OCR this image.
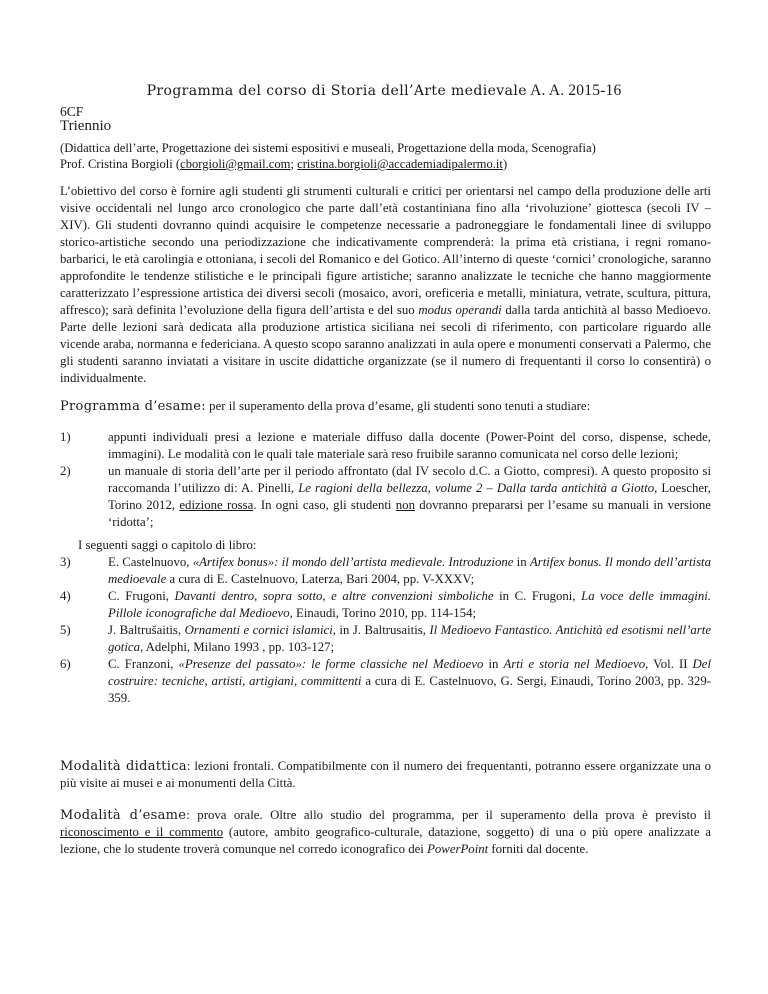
Programma del corso di Storia dell’Arte medievale A. A. 2015-16
6CF
Triennio
(Didattica dell’arte, Progettazione dei sistemi espositivi e museali, Progettazione della moda, Scenografia)
Prof. Cristina Borgioli (cborgioli@gmail.com; cristina.borgioli@accademiadipalermo.it)

L’obiettivo del corso è fornire agli studenti gli strumenti culturali e critici per orientarsi nel campo della produzione delle arti visive occidentali nel lungo arco cronologico che parte dall’età costantiniana fino alla ‘rivoluzione’ giottesca (secoli IV – XIV). Gli studenti dovranno quindi acquisire le competenze necessarie a padroneggiare le fondamentali linee di sviluppo storico-artistiche secondo una periodizzazione che indicativamente comprenderà: la prima età cristiana, i regni romano-barbarici, le età carolingia e ottoniana, i secoli del Romanico e del Gotico. All’interno di queste ‘cornici’ cronologiche, saranno approfondite le tendenze stilistiche e le principali figure artistiche; saranno analizzate le tecniche che hanno maggiormente caratterizzato l’espressione artistica dei diversi secoli (mosaico, avori, oreficeria e metalli, miniatura, vetrate, scultura, pittura, affresco); sarà definita l’evoluzione della figura dell’artista e del suo modus operandi dalla tarda antichità al basso Medioevo. Parte delle lezioni sarà dedicata alla produzione artistica siciliana nei secoli di riferimento, con particolare riguardo alle vicende araba, normanna e federiciana. A questo scopo saranno analizzati in aula opere e monumenti conservati a Palermo, che gli studenti saranno inviatati a visitare in uscite didattiche organizzate (se il numero di frequentanti il corso lo consentirà) o individualmente.

Programma d’esame: per il superamento della prova d’esame, gli studenti sono tenuti a studiare:
1)	appunti individuali presi a lezione e materiale diffuso dalla docente (Power-Point del corso, dispense, schede, immagini). Le modalità con le quali tale materiale sarà reso fruibile saranno comunicata nel corso delle lezioni;
2)	un manuale di storia dell’arte per il periodo affrontato (dal IV secolo d.C. a Giotto, compresi). A questo proposito si raccomanda l’utilizzo di: A. Pinelli, Le ragioni della bellezza, volume 2 – Dalla tarda antichità a Giotto, Loescher, Torino 2012, edizione rossa. In ogni caso, gli studenti non dovranno prepararsi per l’esame su manuali in versione ‘ridotta’;
I seguenti saggi o capitolo di libro:
3)	E. Castelnuovo, «Artifex bonus»: il mondo dell’artista medievale. Introduzione in Artifex bonus. Il mondo dell’artista medioevale a cura di E. Castelnuovo, Laterza, Bari 2004, pp. V-XXXV;
4)	C. Frugoni, Davanti dentro, sopra sotto, e altre convenzioni simboliche in C. Frugoni, La voce delle immagini. Pillole iconografiche dal Medioevo, Einaudi, Torino 2010, pp. 114-154;
5)	J. Baltrušaitis, Ornamenti e cornici islamici, in J. Baltrusaitis, Il Medioevo Fantastico. Antichità ed esotismi nell’arte gotica, Adelphi, Milano 1993 , pp. 103-127;
6)	C. Franzoni, «Presenze del passato»: le forme classiche nel Medioevo in Arti e storia nel Medioevo, Vol. II Del costruire: tecniche, artisti, artigiani, committenti a cura di E. Castelnuovo, G. Sergi, Einaudi, Torino 2003, pp. 329-359.
Modalità didattica: lezioni frontali. Compatibilmente con il numero dei frequentanti, potranno essere organizzate una o più visite ai musei e ai monumenti della Città.
Modalità d’esame: prova orale. Oltre allo studio del programma, per il superamento della prova è previsto il riconoscimento e il commento (autore, ambito geografico-culturale, datazione, soggetto) di una o più opere analizzate a lezione, che lo studente troverà comunque nel corredo iconografico dei PowerPoint forniti dal docente.
